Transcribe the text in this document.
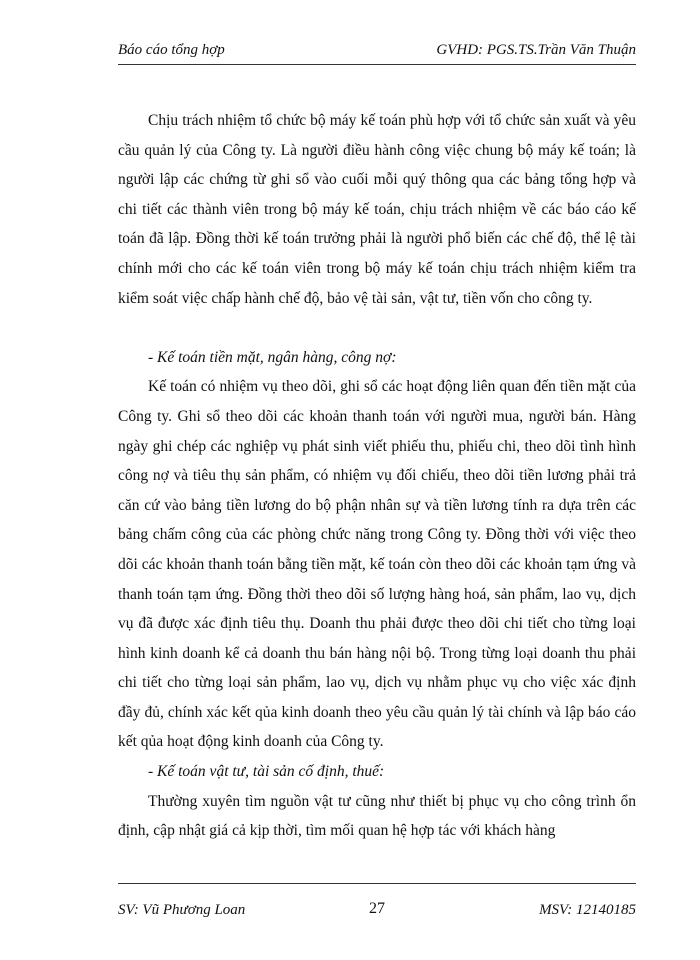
Báo cáo tổng hợp	GVHD: PGS.TS.Trần Văn Thuận

Chịu trách nhiệm tổ chức bộ máy kế toán phù hợp với tổ chức sản xuất và yêu cầu quản lý của Công ty. Là người điều hành công việc chung bộ máy kế toán; là người lập các chứng từ ghi sổ vào cuối mỗi quý thông qua các bảng tổng hợp và chi tiết các thành viên trong bộ máy kế toán, chịu trách nhiệm về các báo cáo kế toán đã lập. Đồng thời kế toán trưởng phải là người phổ biến các chế độ, thể lệ tài chính mới cho các kế toán viên trong bộ máy kế toán chịu trách nhiệm kiểm tra kiểm soát việc chấp hành chế độ, bảo vệ tài sản, vật tư, tiền vốn cho công ty.

- Kế toán tiền mặt, ngân hàng, công nợ:

Kế toán có nhiệm vụ theo dõi, ghi sổ các hoạt động liên quan đến tiền mặt của Công ty. Ghi sổ theo dõi các khoản thanh toán với người mua, người bán. Hàng ngày ghi chép các nghiệp vụ phát sinh viết phiếu thu, phiếu chi, theo dõi tình hình công nợ và tiêu thụ sản phẩm, có nhiệm vụ đối chiếu, theo dõi tiền lương phải trả căn cứ vào bảng tiền lương do bộ phận nhân sự và tiền lương tính ra dựa trên các bảng chấm công của các phòng chức năng trong Công ty. Đồng thời với việc theo dõi các khoản thanh toán bằng tiền mặt, kế toán còn theo dõi các khoản tạm ứng và thanh toán tạm ứng. Đồng thời theo dõi số lượng hàng hoá, sản phẩm, lao vụ, dịch vụ đã được xác định tiêu thụ. Doanh thu phải được theo dõi chi tiết cho từng loại hình kinh doanh kể cả doanh thu bán hàng nội bộ. Trong từng loại doanh thu phải chi tiết cho từng loại sản phẩm, lao vụ, dịch vụ nhằm phục vụ cho việc xác định đầy đủ, chính xác kết qủa kinh doanh theo yêu cầu quản lý tài chính và lập báo cáo kết qủa hoạt động kinh doanh của Công ty.

- Kế toán vật tư, tài sản cố định, thuế:

Thường xuyên tìm nguồn vật tư cũng như thiết bị phục vụ cho công trình ổn định, cập nhật giá cả kịp thời, tìm mối quan hệ hợp tác với khách hàng

SV: Vũ Phương Loan	27	MSV: 12140185
